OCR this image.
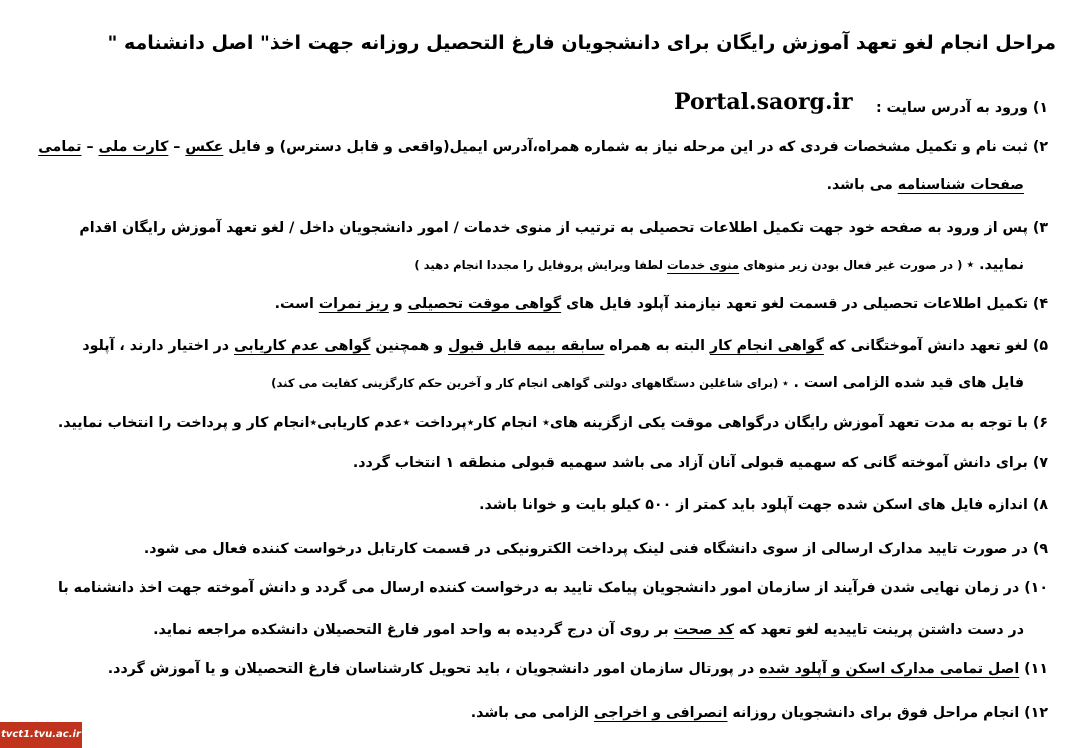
مراحل انجام لغو تعهد آموزش رایگان برای دانشجویان فارغ التحصیل روزانه جهت اخذ" اصل دانشنامه "
۱) ورود به آدرس سایت :
Portal.saorg.ir
۲) ثبت نام و تکمیل مشخصات فردی که در این مرحله نیاز به شماره همراه،آدرس ایمیل(واقعی و قابل دسترس) و فایل عکس – کارت ملی – تمامی
صفحات شناسنامه می باشد.
۳) پس از ورود به صفحه خود جهت تکمیل اطلاعات تحصیلی به ترتیب از منوی خدمات / امور دانشجویان داخل / لغو تعهد آموزش رایگان اقدام
نمایید. ٭ ( در صورت غیر فعال بودن زیر منوهای منوی خدمات لطفا ویرایش پروفایل را مجددا انجام دهید )
۴) تکمیل اطلاعات تحصیلی در قسمت لغو تعهد نیازمند آپلود فایل های گواهی موقت تحصیلی و ریز نمرات است.
۵) لغو تعهد دانش آموختگانی که گواهی انجام کار البته به همراه سابقه بیمه قابل قبول و همچنین گواهی عدم کاریابی در اختیار دارند ، آپلود
فایل های قید شده الزامی است . ٭ (برای شاغلین دستگاههای دولتی گواهی انجام کار و آخرین حکم کارگزینی کفایت می کند)
۶) با توجه به مدت تعهد آموزش رایگان درگواهی موقت یکی ازگزینه های٭ انجام کار٭پرداخت ٭عدم کاریابی٭انجام کار و پرداخت را انتخاب نمایید.
۷) برای دانش آموخته گانی که سهمیه قبولی آنان آزاد می باشد سهمیه قبولی منطقه ۱ انتخاب گردد.
۸) اندازه فایل های اسکن شده جهت آپلود باید کمتر از ۵۰۰ کیلو بایت و خوانا باشد.
۹) در صورت تایید مدارک ارسالی از سوی دانشگاه فنی لینک پرداخت الکترونیکی در قسمت کارتابل درخواست کننده فعال می شود.
۱۰) در زمان نهایی شدن فرآیند از سازمان امور دانشجویان پیامک تایید به درخواست کننده ارسال می گردد و دانش آموخته جهت اخذ دانشنامه با
در دست داشتن پرینت تاییدیه لغو تعهد که کد صحت بر روی آن درج گردیده به واحد امور فارغ التحصیلان دانشکده مراجعه نماید.
۱۱) اصل تمامی مدارک اسکن و آپلود شده در پورتال سازمان امور دانشجویان ، باید تحویل کارشناسان فارغ التحصیلان و یا آموزش گردد.
۱۲) انجام مراحل فوق برای دانشجویان روزانه انصرافی و اخراجی الزامی می باشد.
tvct1.tvu.ac.ir
